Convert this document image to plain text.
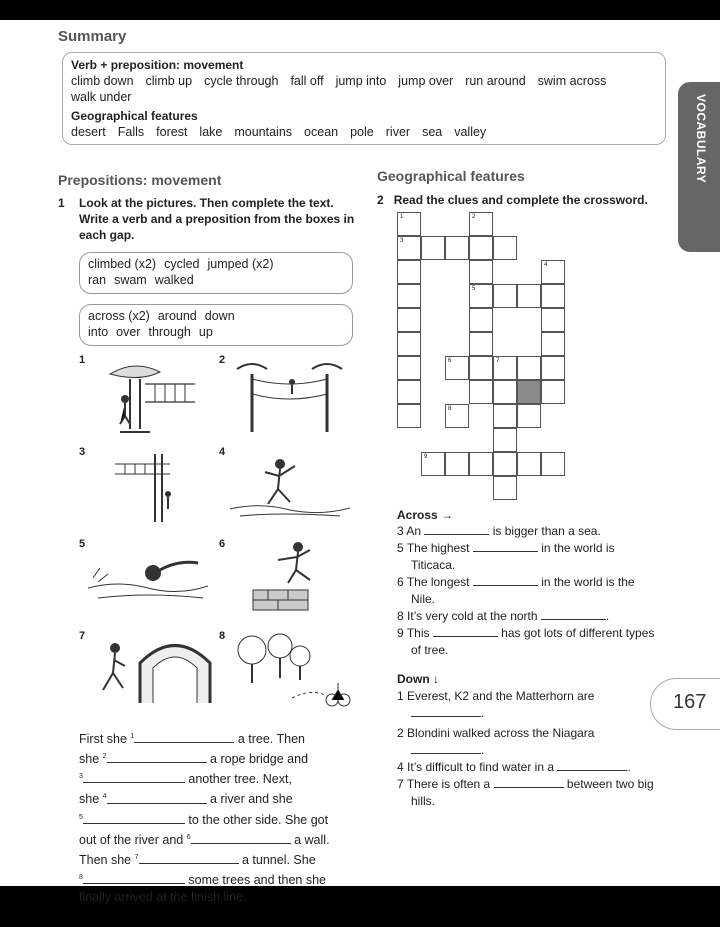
Summary
Verb + preposition: movement
climb down climb up cycle through fall off jump into jump over run around swim across
walk under
Geographical features
desert Falls forest lake mountains ocean pole river sea valley	VOCABULARY
Prepositions: movement
1 Look at the pictures. Then complete the text.
Write a verb and a preposition from the boxes in
each gap.
climbed (x2) cycled jumped (x2)
ran swam walked
across (x2) around down
into over through up
1	2
3	4
5	6
7	8
First she $^1$	a tree. Then
she $^2$	a rope bridge and
$^3$	another tree. Next,
she $^4$	a river and she
$^5$	to the other side. She got
out of the river and $^6$	a wall.
Then she $^7$	a tunnel. She
$^8$	some trees and then she
finally arrived at the finish line.
Geographical features
2 Read the clues and complete the crossword.
1
3
2
5
4
6	7
8
9
Across →
3 An	is bigger than a sea.
5 The highest	in the world is
Titicaca.
6 The longest	in the world is the
Nile.
8 It’s very cold at the north	.
9 This	has got lots of different types
of tree.
Down ↓
1 Everest, K2 and the Matterhorn are
.
2 Blondini walked across the Niagara
.
4 It’s difficult to find water in a	.
7 There is often a	between two big
hills.
167
